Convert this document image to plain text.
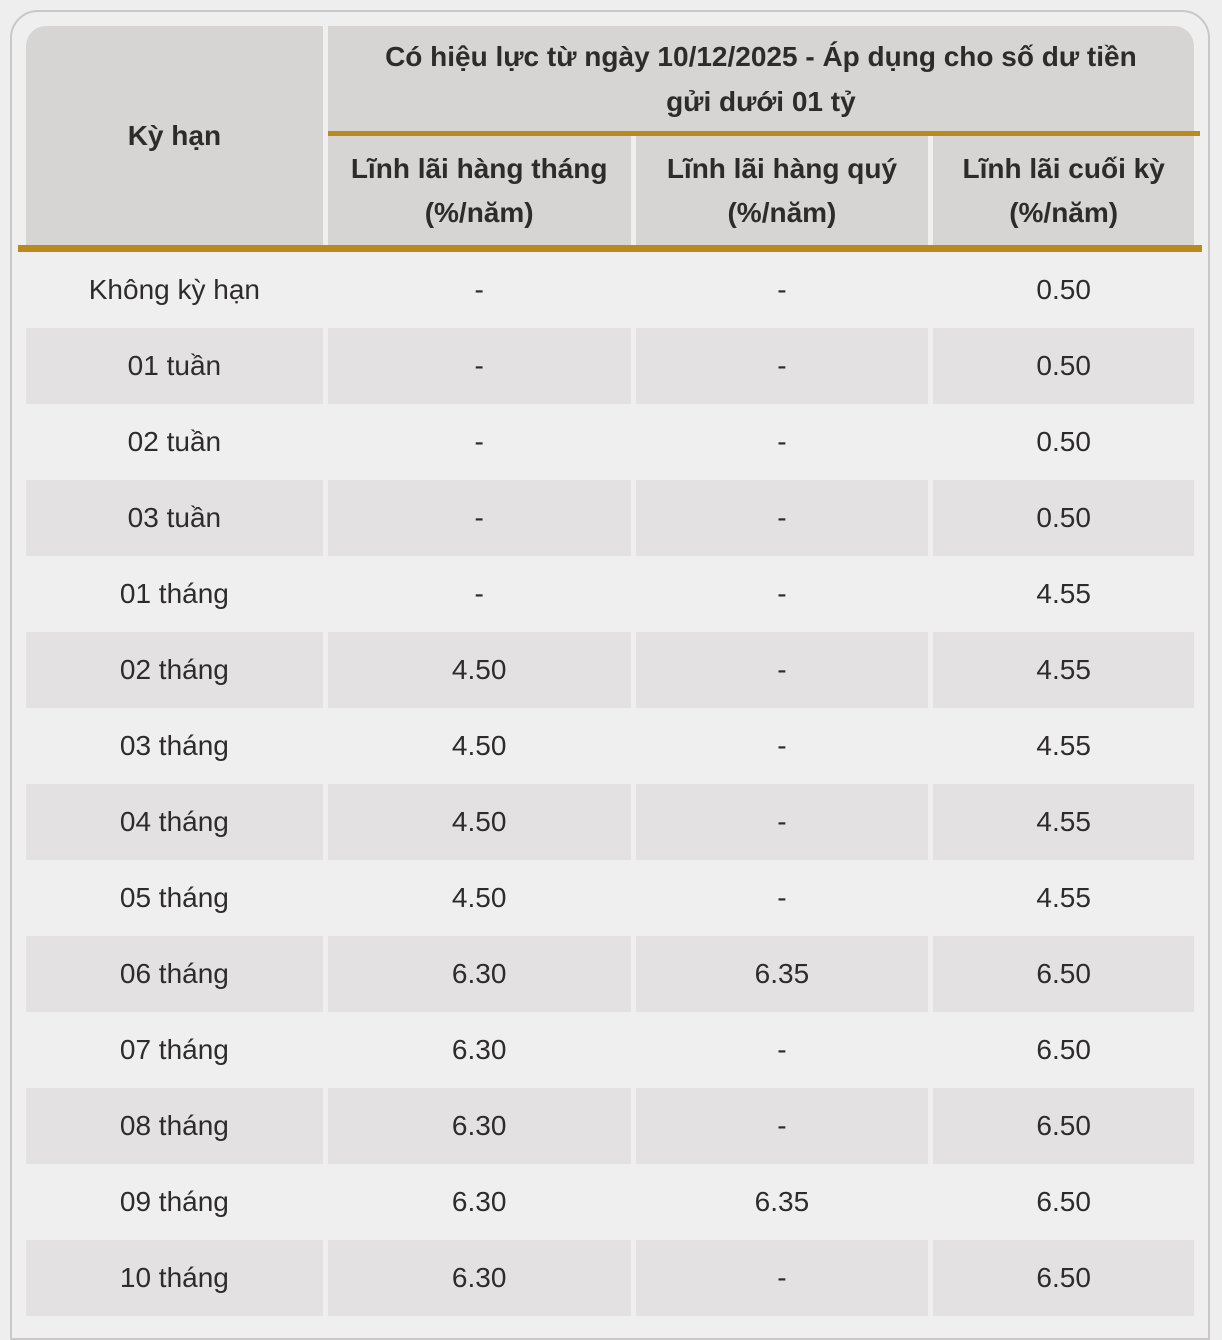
Kỳ hạn
Có hiệu lực từ ngày 10/12/2025 - Áp dụng cho số dư tiền gửi dưới 01 tỷ
Lĩnh lãi hàng tháng
(%/năm)
Lĩnh lãi hàng quý
(%/năm)
Lĩnh lãi cuối kỳ
(%/năm)
Không kỳ hạn	-	-	0.50
01 tuần	-	-	0.50
02 tuần	-	-	0.50
03 tuần	-	-	0.50
01 tháng	-	-	4.55
02 tháng	4.50	-	4.55
03 tháng	4.50	-	4.55
04 tháng	4.50	-	4.55
05 tháng	4.50	-	4.55
06 tháng	6.30	6.35	6.50
07 tháng	6.30	-	6.50
08 tháng	6.30	-	6.50
09 tháng	6.30	6.35	6.50
10 tháng	6.30	-	6.50
